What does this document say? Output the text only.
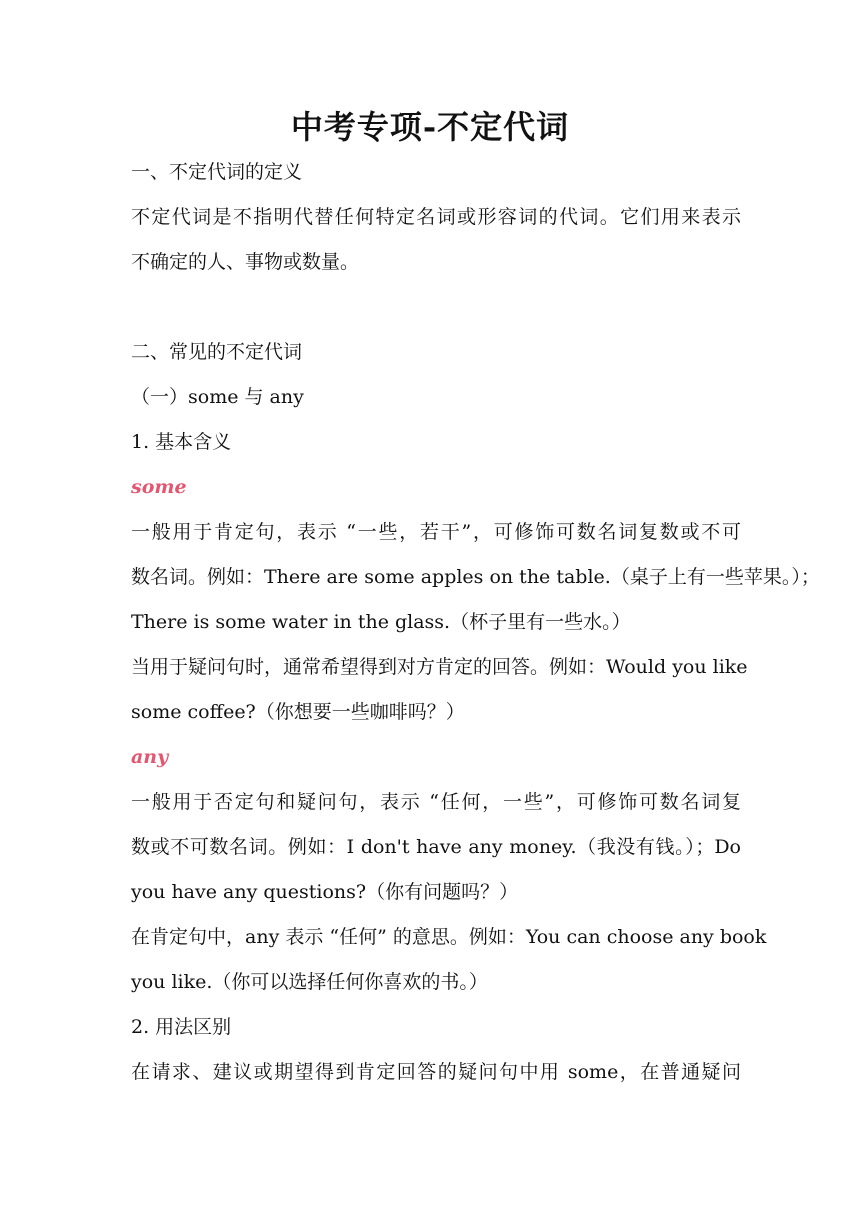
中考专项-不定代词
一、不定代词的定义
不定代词是不指明代替任何特定名词或形容词的代词。它们用来表示
不确定的人、事物或数量。
二、常见的不定代词
（一）some 与 any
1. 基本含义
some
一般用于肯定句，表示 “一些，若干”，可修饰可数名词复数或不可
数名词。例如：There are some apples on the table.（桌子上有一些苹果。）；
There is some water in the glass.（杯子里有一些水。）
当用于疑问句时，通常希望得到对方肯定的回答。例如：Would you like
some coffee?（你想要一些咖啡吗？）
any
一般用于否定句和疑问句，表示 “任何，一些”，可修饰可数名词复
数或不可数名词。例如：I don't have any money.（我没有钱。）；Do
you have any questions?（你有问题吗？）
在肯定句中，any 表示 “任何” 的意思。例如：You can choose any book
you like.（你可以选择任何你喜欢的书。）
2. 用法区别
在请求、建议或期望得到肯定回答的疑问句中用 some，在普通疑问
